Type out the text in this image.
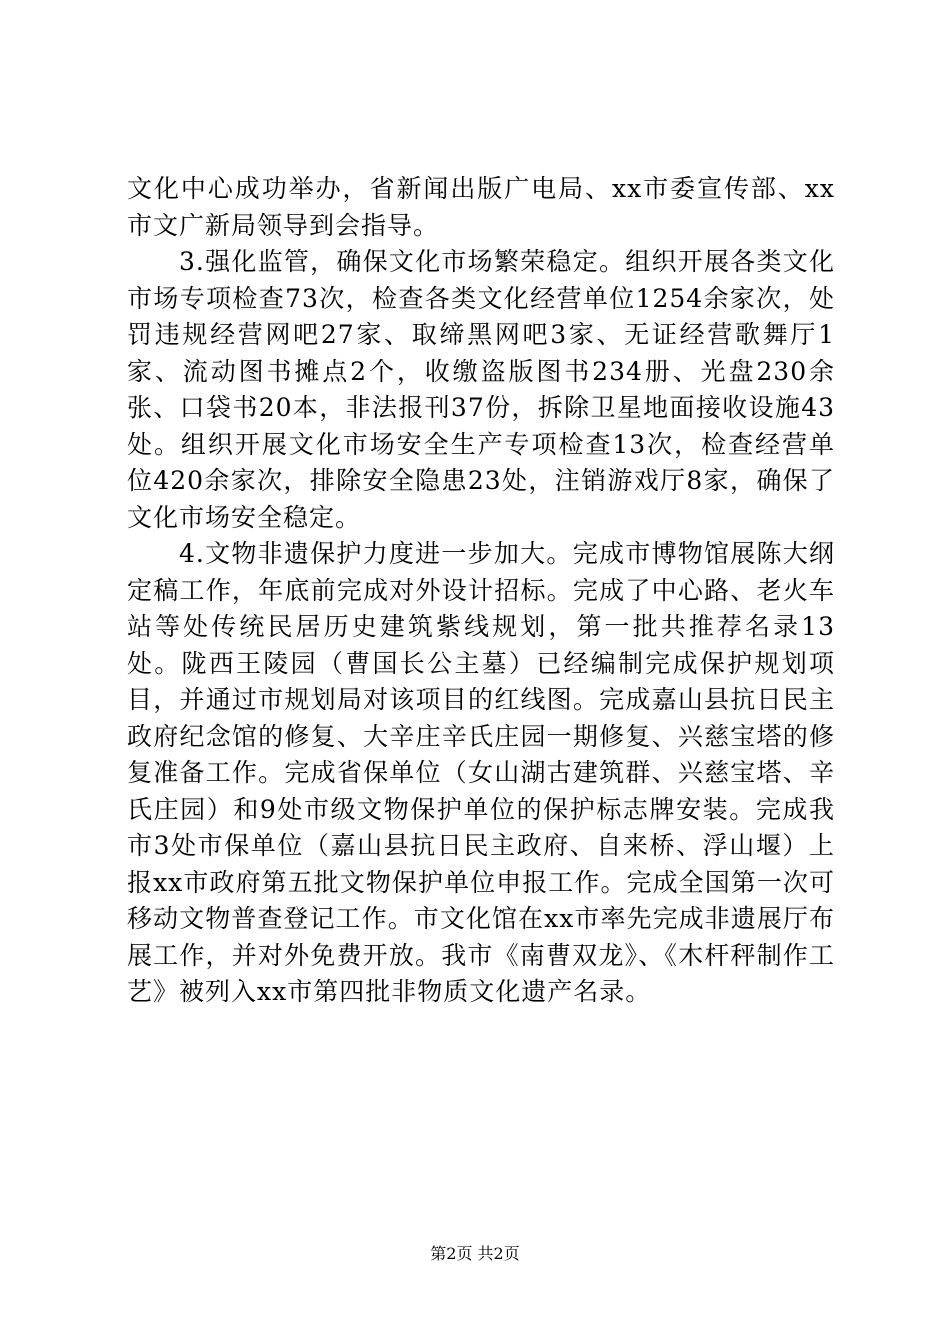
文化中心成功举办，省新闻出版广电局、xx市委宣传部、xx市文广新局领导到会指导。

3.强化监管，确保文化市场繁荣稳定。组织开展各类文化市场专项检查73次，检查各类文化经营单位1254余家次，处罚违规经营网吧27家、取缔黑网吧3家、无证经营歌舞厅1家、流动图书摊点2个，收缴盗版图书234册、光盘230余张、口袋书20本，非法报刊37份，拆除卫星地面接收设施43处。组织开展文化市场安全生产专项检查13次，检查经营单位420余家次，排除安全隐患23处，注销游戏厅8家，确保了文化市场安全稳定。

4.文物非遗保护力度进一步加大。完成市博物馆展陈大纲定稿工作，年底前完成对外设计招标。完成了中心路、老火车站等处传统民居历史建筑紫线规划，第一批共推荐名录13处。陇西王陵园（曹国长公主墓）已经编制完成保护规划项目，并通过市规划局对该项目的红线图。完成嘉山县抗日民主政府纪念馆的修复、大辛庄辛氏庄园一期修复、兴慈宝塔的修复准备工作。完成省保单位（女山湖古建筑群、兴慈宝塔、辛氏庄园）和9处市级文物保护单位的保护标志牌安装。完成我市3处市保单位（嘉山县抗日民主政府、自来桥、浮山堰）上报xx市政府第五批文物保护单位申报工作。完成全国第一次可移动文物普查登记工作。市文化馆在xx市率先完成非遗展厅布展工作，并对外免费开放。我市《南曹双龙》、《木杆秤制作工艺》被列入xx市第四批非物质文化遗产名录。

第2页 共2页
